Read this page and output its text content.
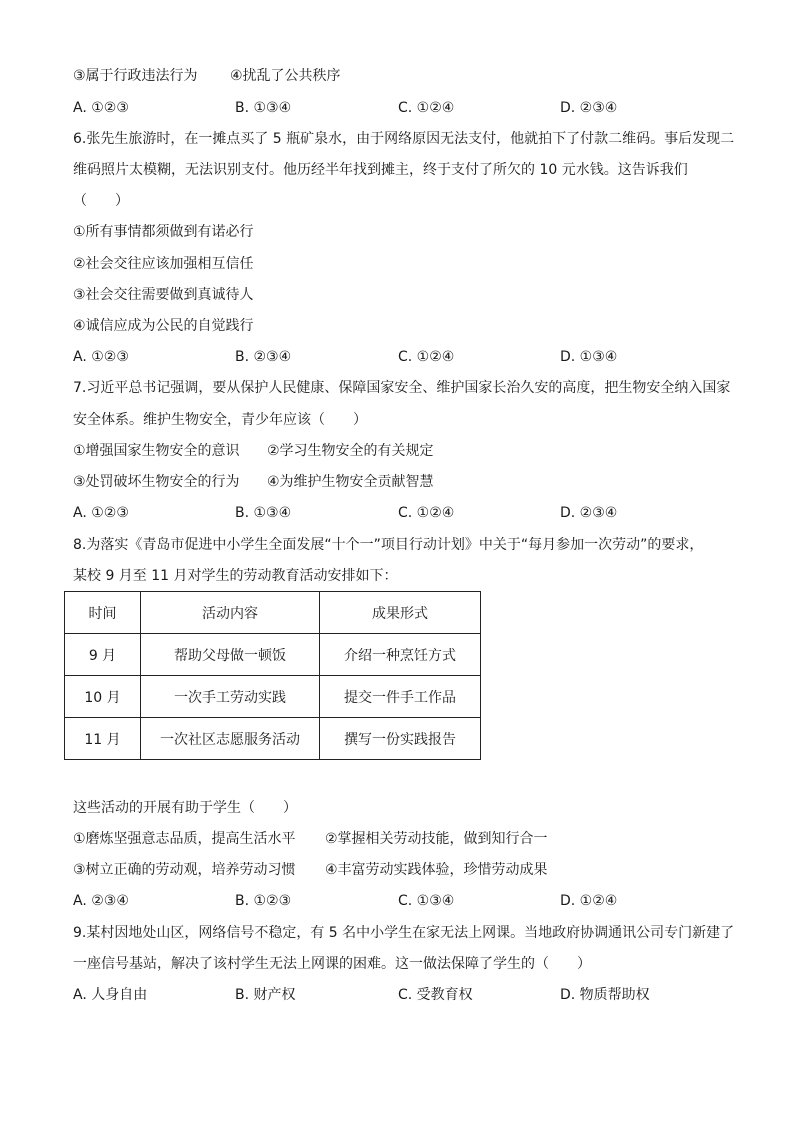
③属于行政违法行为 ④扰乱了公共秩序
A. ①②③	B. ①③④	C. ①②④	D. ②③④
6.张先生旅游时，在一摊点买了 5 瓶矿泉水，由于网络原因无法支付，他就拍下了付款二维码。事后发现二
维码照片太模糊，无法识别支付。他历经半年找到摊主，终于支付了所欠的 10 元水钱。这告诉我们
（　　）
①所有事情都须做到有诺必行
②社会交往应该加强相互信任
③社会交往需要做到真诚待人
④诚信应成为公民的自觉践行
A. ①②③	B. ②③④	C. ①②④	D. ①③④
7.习近平总书记强调，要从保护人民健康、保障国家安全、维护国家长治久安的高度，把生物安全纳入国家
安全体系。维护生物安全，青少年应该（　　）
①增强国家生物安全的意识 ②学习生物安全的有关规定
③处罚破坏生物安全的行为 ④为维护生物安全贡献智慧
A. ①②③	B. ①③④	C. ①②④	D. ②③④
8.为落实《青岛市促进中小学生全面发展“十个一”项目行动计划》中关于“每月参加一次劳动”的要求，
某校 9 月至 11 月对学生的劳动教育活动安排如下：
时间	活动内容	成果形式
9 月	帮助父母做一顿饭	介绍一种烹饪方式
10 月	一次手工劳动实践	提交一件手工作品
11 月	一次社区志愿服务活动	撰写一份实践报告
这些活动的开展有助于学生（　　）
①磨炼坚强意志品质，提高生活水平 ②掌握相关劳动技能，做到知行合一
③树立正确的劳动观，培养劳动习惯 ④丰富劳动实践体验，珍惜劳动成果
A. ②③④	B. ①②③	C. ①③④	D. ①②④
9.某村因地处山区，网络信号不稳定，有 5 名中小学生在家无法上网课。当地政府协调通讯公司专门新建了
一座信号基站，解决了该村学生无法上网课的困难。这一做法保障了学生的（　　）
A. 人身自由	B. 财产权	C. 受教育权	D. 物质帮助权
